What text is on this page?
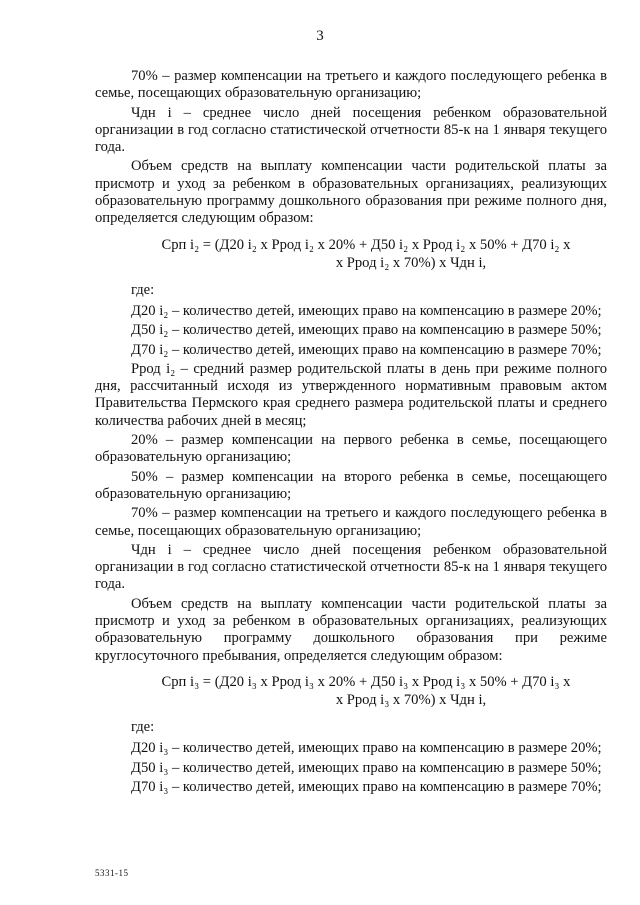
3

70% – размер компенсации на третьего и каждого последующего ребенка в семье, посещающих образовательную организацию;

Чдн i – среднее число дней посещения ребенком образовательной организации в год согласно статистической отчетности 85-к на 1 января текущего года.

Объем средств на выплату компенсации части родительской платы за присмотр и уход за ребенком в образовательных организациях, реализующих образовательную программу дошкольного образования при режиме полного дня, определяется следующим образом:

Срп i₂ = (Д20 i₂ х Рpод i₂ х 20% + Д50 i₂ х Рpод i₂ х 50% + Д70 i₂ х
х Рpод i₂ х 70%) х Чдн i,
где:

Д20 i₂ – количество детей, имеющих право на компенсацию в размере 20%;

Д50 i₂ – количество детей, имеющих право на компенсацию в размере 50%;

Д70 i₂ – количество детей, имеющих право на компенсацию в размере 70%;

Рpод i₂ – средний размер родительской платы в день при режиме полного дня, рассчитанный исходя из утвержденного нормативным правовым актом Правительства Пермского края среднего размера родительской платы и среднего количества рабочих дней в месяц;

20% – размер компенсации на первого ребенка в семье, посещающего образовательную организацию;

50% – размер компенсации на второго ребенка в семье, посещающего образовательную организацию;

70% – размер компенсации на третьего и каждого последующего ребенка в семье, посещающих образовательную организацию;

Чдн i – среднее число дней посещения ребенком образовательной организации в год согласно статистической отчетности 85-к на 1 января текущего года.

Объем средств на выплату компенсации части родительской платы за присмотр и уход за ребенком в образовательных организациях, реализующих образовательную программу дошкольного образования при режиме круглосуточного пребывания, определяется следующим образом:

Срп i₃ = (Д20 i₃ х Рpод i₃ х 20% + Д50 i₃ х Рpод i₃ х 50% + Д70 i₃ х
х Рpод i₃ х 70%) х Чдн i,
где:

Д20 i₃ – количество детей, имеющих право на компенсацию в размере 20%;

Д50 i₃ – количество детей, имеющих право на компенсацию в размере 50%;

Д70 i₃ – количество детей, имеющих право на компенсацию в размере 70%;

5331-15
